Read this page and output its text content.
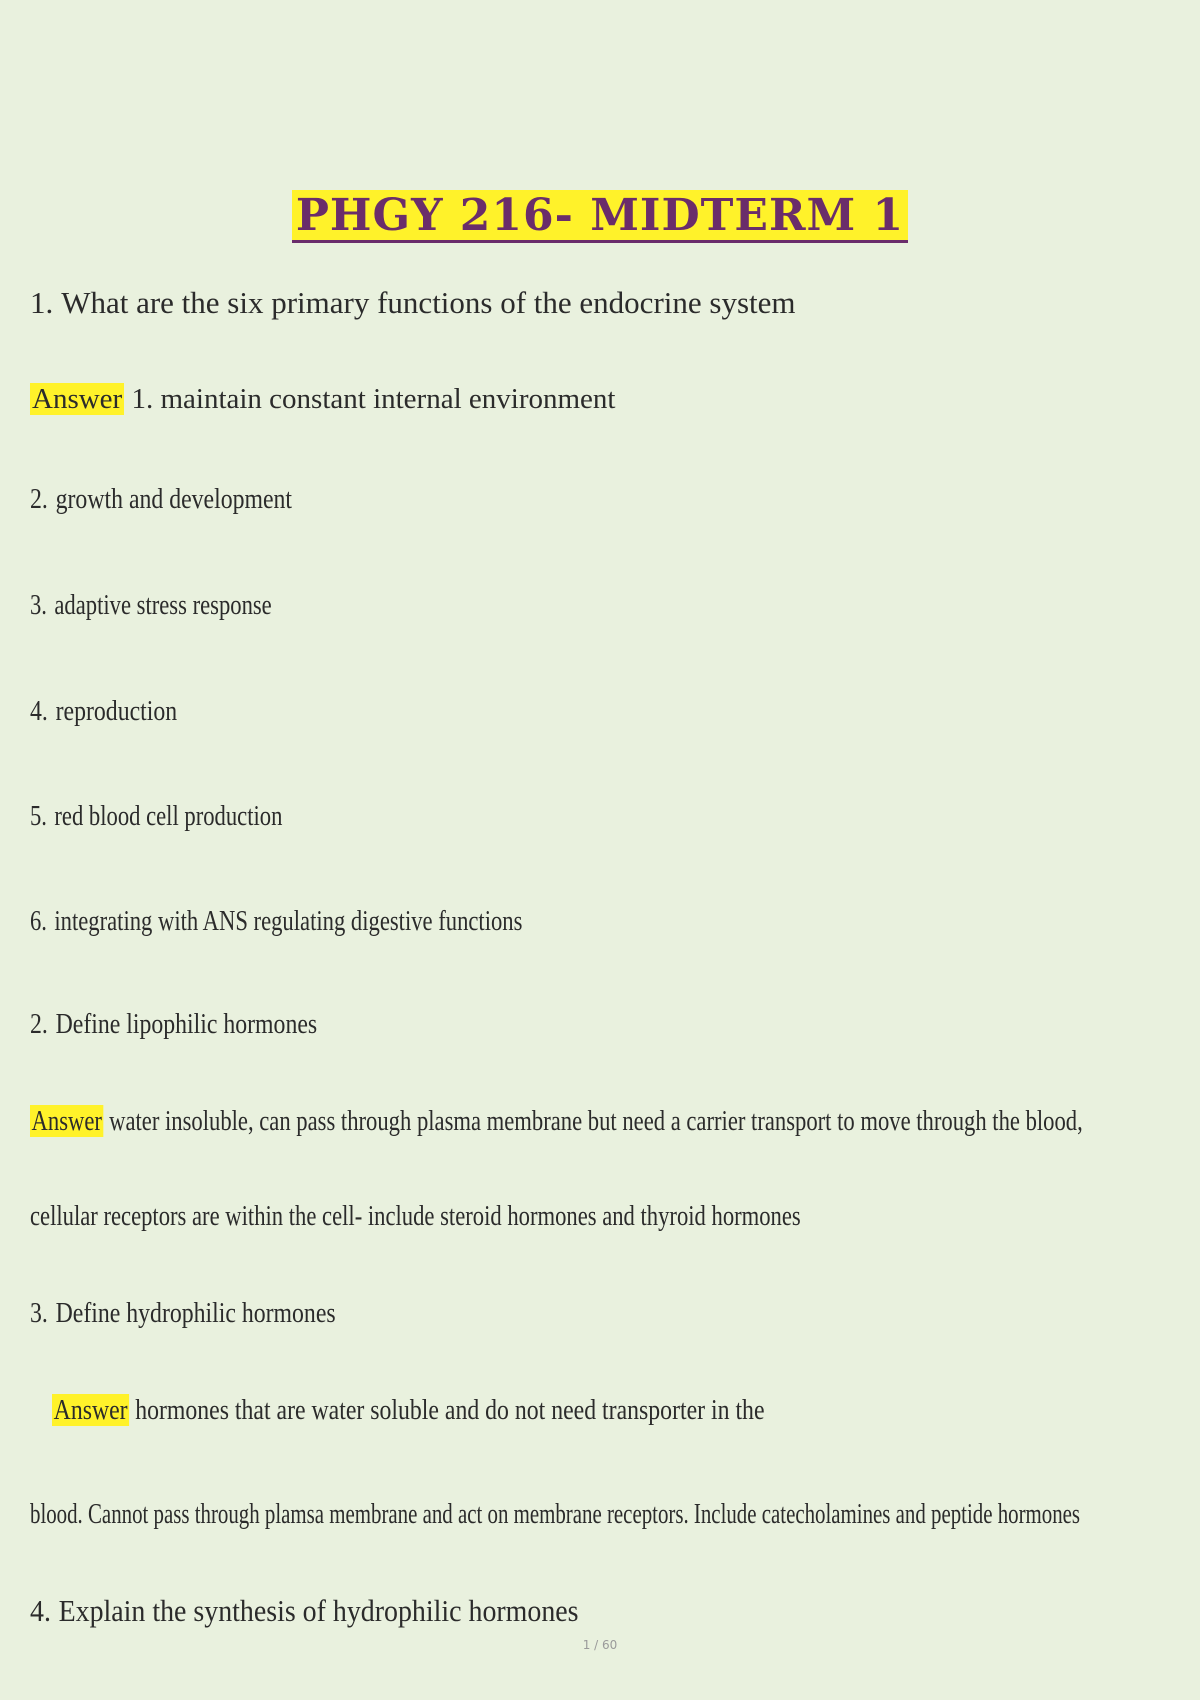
PHGY 216- MIDTERM 1
1. What are the six primary functions of the endocrine system
Answer 1. maintain constant internal environment
2. growth and development
3. adaptive stress response
4. reproduction
5. red blood cell production
6. integrating with ANS regulating digestive functions
2. Define lipophilic hormones
Answer water insoluble, can pass through plasma membrane but need a carrier transport to move through the blood,
cellular receptors are within the cell- include steroid hormones and thyroid hormones
3. Define hydrophilic hormones
Answer hormones that are water soluble and do not need transporter in the
blood. Cannot pass through plamsa membrane and act on membrane receptors. Include catecholamines and peptide hormones
4. Explain the synthesis of hydrophilic hormones
1 / 60
